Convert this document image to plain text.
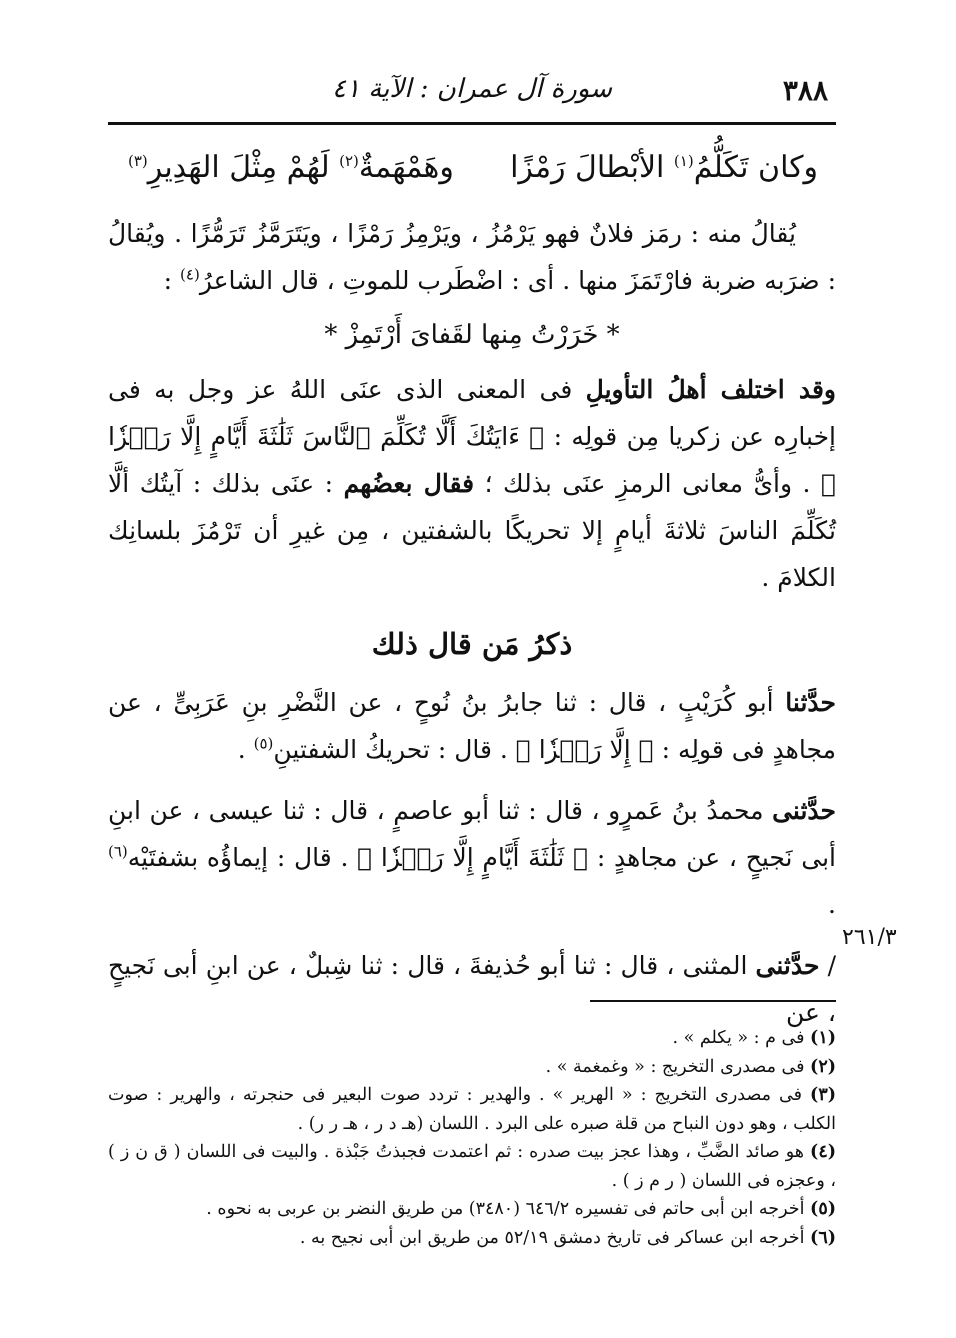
٣٨٨
سورة آل عمران : الآية ٤١
وكان تَكَلُّمُ$^{(١)}$ الأبْطالَ رَمْزًا
وهَمْهَمةٌ$^{(٢)}$ لَهُمْ مِثْلَ الهَدِيرِ$^{(٣)}$

يُقالُ منه : رمَز فلانٌ فهو يَرْمُزُ ، ويَرْمِزُ رَمْزًا ، ويَتَرَمَّزُ تَرَمُّزًا . ويُقالُ : ضرَبه ضربة فارْتَمَزَ منها . أى : اضْطَرب للموتِ ، قال الشاعرُ$^{(٤)}$ :

* خَرَرْتُ مِنها لقَفاىَ أَرْتَمِزْ *

وقد اختلف أهلُ التأويلِ فى المعنى الذى عنَى اللهُ عز وجل به فى إخبارِه عن زكريا مِن قولِه : ﴿ ءَايَتُكَ أَلَّا تُكَلِّمَ ٱلنَّاسَ ثَلَٰثَةَ أَيَّامٍ إِلَّا رَمۡزٗا ﴾ . وأىُّ معانى الرمزِ عنَى بذلك ؛ فقال بعضُهم : عنَى بذلك : آيتُك ألَّا تُكَلِّمَ الناسَ ثلاثةَ أيامٍ إلا تحريكًا بالشفتين ، مِن غيرِ أن تَرْمُزَ بلسانِك الكلامَ .

ذكرُ مَن قال ذلك

حدَّثنا أبو كُرَيْبٍ ، قال : ثنا جابرُ بنُ نُوحٍ ، عن النَّضْرِ بنِ عَرَبِىٍّ ، عن مجاهدٍ فى قولِه : ﴿ إِلَّا رَمۡزٗا ﴾ . قال : تحريكُ الشفتينِ$^{(٥)}$ .

حدَّثنى محمدُ بنُ عَمرٍو ، قال : ثنا أبو عاصمٍ ، قال : ثنا عيسى ، عن ابنِ أبى نَجيحٍ ، عن مجاهدٍ : ﴿ ثَلَٰثَةَ أَيَّامٍ إِلَّا رَمۡزٗا ﴾ . قال : إيماؤُه بشفتَيْه$^{(٦)}$ .

/ حدَّثنى المثنى ، قال : ثنا أبو حُذيفةَ ، قال : ثنا شِبلٌ ، عن ابنِ أبى نَجيحٍ ، عن

٢٦١/٣

(١) فى م : « يكلم » .

(٢) فى مصدرى التخريج : « وغمغمة » .

(٣) فى مصدرى التخريج : « الهرير » . والهدير : تردد صوت البعير فى حنجرته ، والهرير : صوت الكلب ، وهو دون النباح من قلة صبره على البرد . اللسان (هـ د ر ، هـ ر ر) .

(٤) هو صائد الضَّبِّ ، وهذا عجز بيت صدره : ثم اعتمدت فجبذتُ جَبْذة . والبيت فى اللسان ( ق ن ز ) ، وعجزه فى اللسان ( ر م ز ) .

(٥) أخرجه ابن أبى حاتم فى تفسيره ٦٤٦/٢ (٣٤٨٠) من طريق النضر بن عربى به نحوه .

(٦) أخرجه ابن عساكر فى تاريخ دمشق ٥٢/١٩ من طريق ابن أبى نجيح به .
